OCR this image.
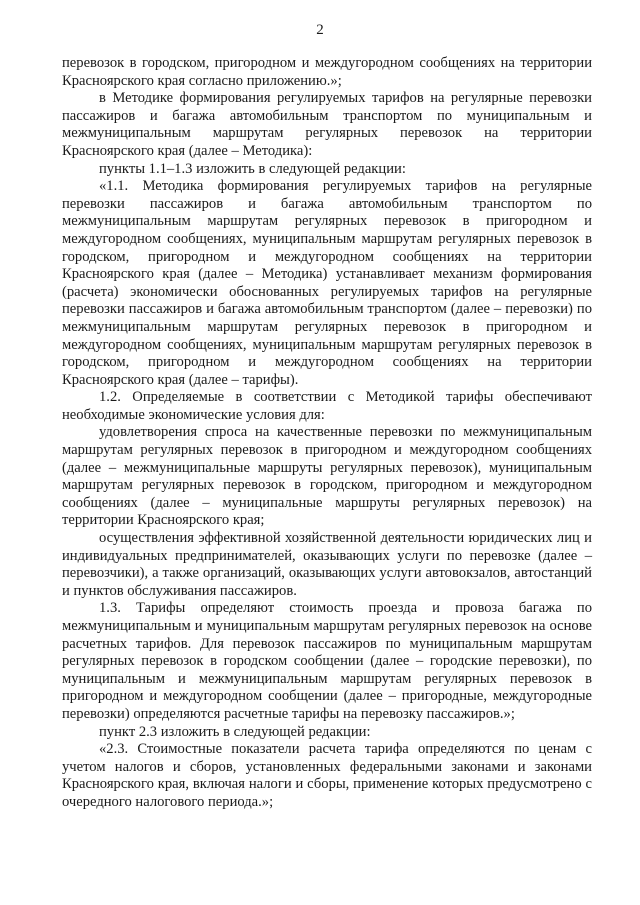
2

перевозок в городском, пригородном и междугородном сообщениях на территории Красноярского края согласно приложению.»;

в Методике формирования регулируемых тарифов на регулярные перевозки пассажиров и багажа автомобильным транспортом по муниципальным и межмуниципальным маршрутам регулярных перевозок на территории Красноярского края (далее – Методика):

пункты 1.1–1.3 изложить в следующей редакции:

«1.1. Методика формирования регулируемых тарифов на регулярные перевозки пассажиров и багажа автомобильным транспортом по межмуниципальным маршрутам регулярных перевозок в пригородном и междугородном сообщениях, муниципальным маршрутам регулярных перевозок в городском, пригородном и междугородном сообщениях на территории Красноярского края (далее – Методика) устанавливает механизм формирования (расчета) экономически обоснованных регулируемых тарифов на регулярные перевозки пассажиров и багажа автомобильным транспортом (далее – перевозки) по межмуниципальным маршрутам регулярных перевозок в пригородном и междугородном сообщениях, муниципальным маршрутам регулярных перевозок в городском, пригородном и междугородном сообщениях на территории Красноярского края (далее – тарифы).

1.2. Определяемые в соответствии с Методикой тарифы обеспечивают необходимые экономические условия для:

удовлетворения спроса на качественные перевозки по межмуниципальным маршрутам регулярных перевозок в пригородном и междугородном сообщениях (далее – межмуниципальные маршруты регулярных перевозок), муниципальным маршрутам регулярных перевозок в городском, пригородном и междугородном сообщениях (далее – муниципальные маршруты регулярных перевозок) на территории Красноярского края;

осуществления эффективной хозяйственной деятельности юридических лиц и индивидуальных предпринимателей, оказывающих услуги по перевозке (далее – перевозчики), а также организаций, оказывающих услуги автовокзалов, автостанций и пунктов обслуживания пассажиров.

1.3. Тарифы определяют стоимость проезда и провоза багажа по межмуниципальным и муниципальным маршрутам регулярных перевозок на основе расчетных тарифов. Для перевозок пассажиров по муниципальным маршрутам регулярных перевозок в городском сообщении (далее – городские перевозки), по муниципальным и межмуниципальным маршрутам регулярных перевозок в пригородном и междугородном сообщении (далее – пригородные, междугородные перевозки) определяются расчетные тарифы на перевозку пассажиров.»;

пункт 2.3 изложить в следующей редакции:

«2.3. Стоимостные показатели расчета тарифа определяются по ценам с учетом налогов и сборов, установленных федеральными законами и законами Красноярского края, включая налоги и сборы, применение которых предусмотрено с очередного налогового периода.»;
